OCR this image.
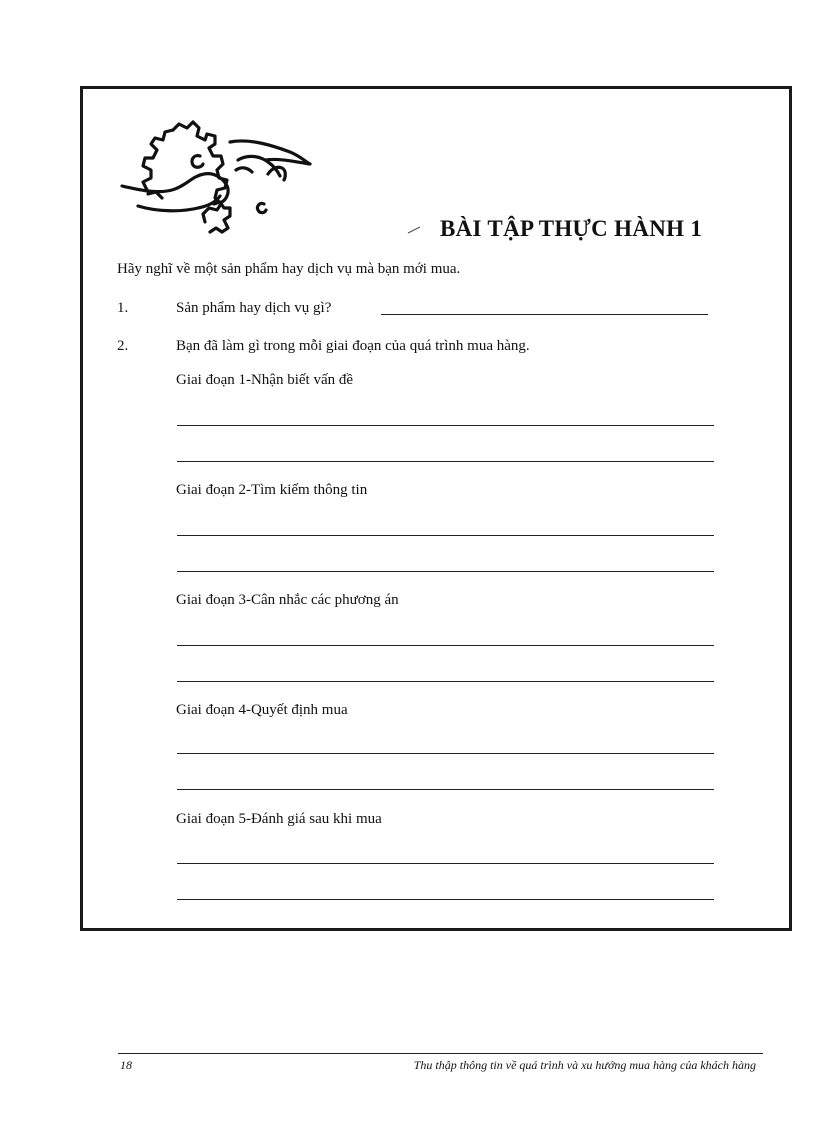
BÀI TẬP THỰC HÀNH 1
Hãy nghĩ về một sản phẩm hay dịch vụ mà bạn mới mua.
1.	Sản phẩm hay dịch vụ gì?
2.	Bạn đã làm gì trong mỗi giai đoạn của quá trình mua hàng.
Giai đoạn 1-Nhận biết vấn đề
Giai đoạn 2-Tìm kiếm thông tin
Giai đoạn 3-Cân nhắc các phương án
Giai đoạn 4-Quyết định mua
Giai đoạn 5-Đánh giá sau khi mua
18	Thu thập thông tin về quá trình và xu hướng mua hàng của khách hàng
